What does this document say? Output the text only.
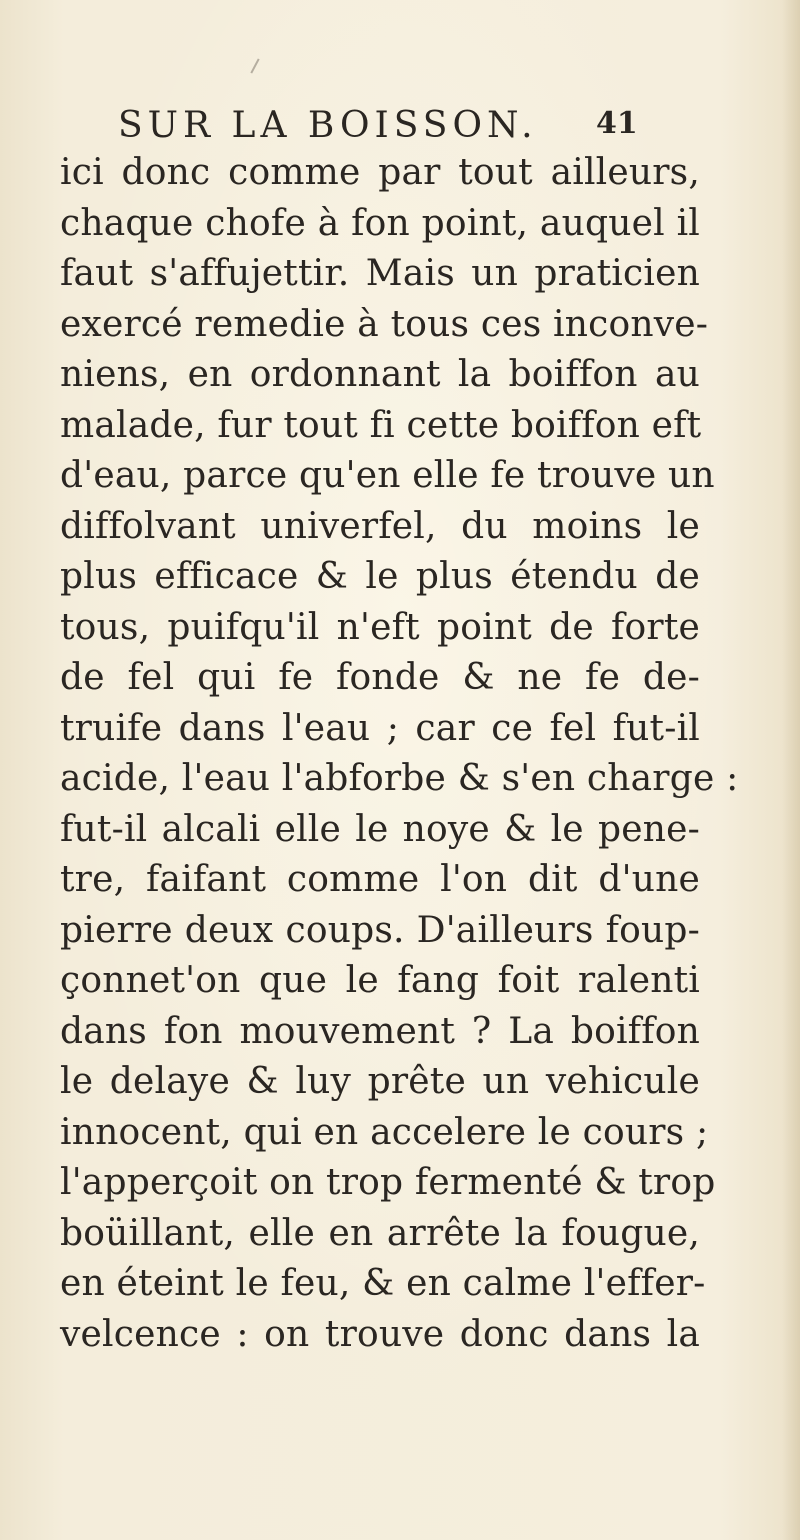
SUR LA BOISSON. 41
ici donc comme par tout ailleurs,
chaque chofe à fon point, auquel il
faut s'affujettir. Mais un praticien
exercé remedie à tous ces inconve-
niens, en ordonnant la boiffon au
malade, fur tout fi cette boiffon eft
d'eau, parce qu'en elle fe trouve un
diffolvant univerfel, du moins le
plus efficace & le plus étendu de
tous, puifqu'il n'eft point de forte
de fel qui fe fonde & ne fe de-
truife dans l'eau ; car ce fel fut-il
acide, l'eau l'abforbe & s'en charge :
fut-il alcali elle le noye & le pene-
tre, faifant comme l'on dit d'une
pierre deux coups. D'ailleurs foup-
çonnet'on que le fang foit ralenti
dans fon mouvement ? La boiffon
le delaye & luy prête un vehicule
innocent, qui en accelere le cours ;
l'apperçoit on trop fermenté & trop
boüillant, elle en arrête la fougue,
en éteint le feu, & en calme l'effer-
velcence : on trouve donc dans la
